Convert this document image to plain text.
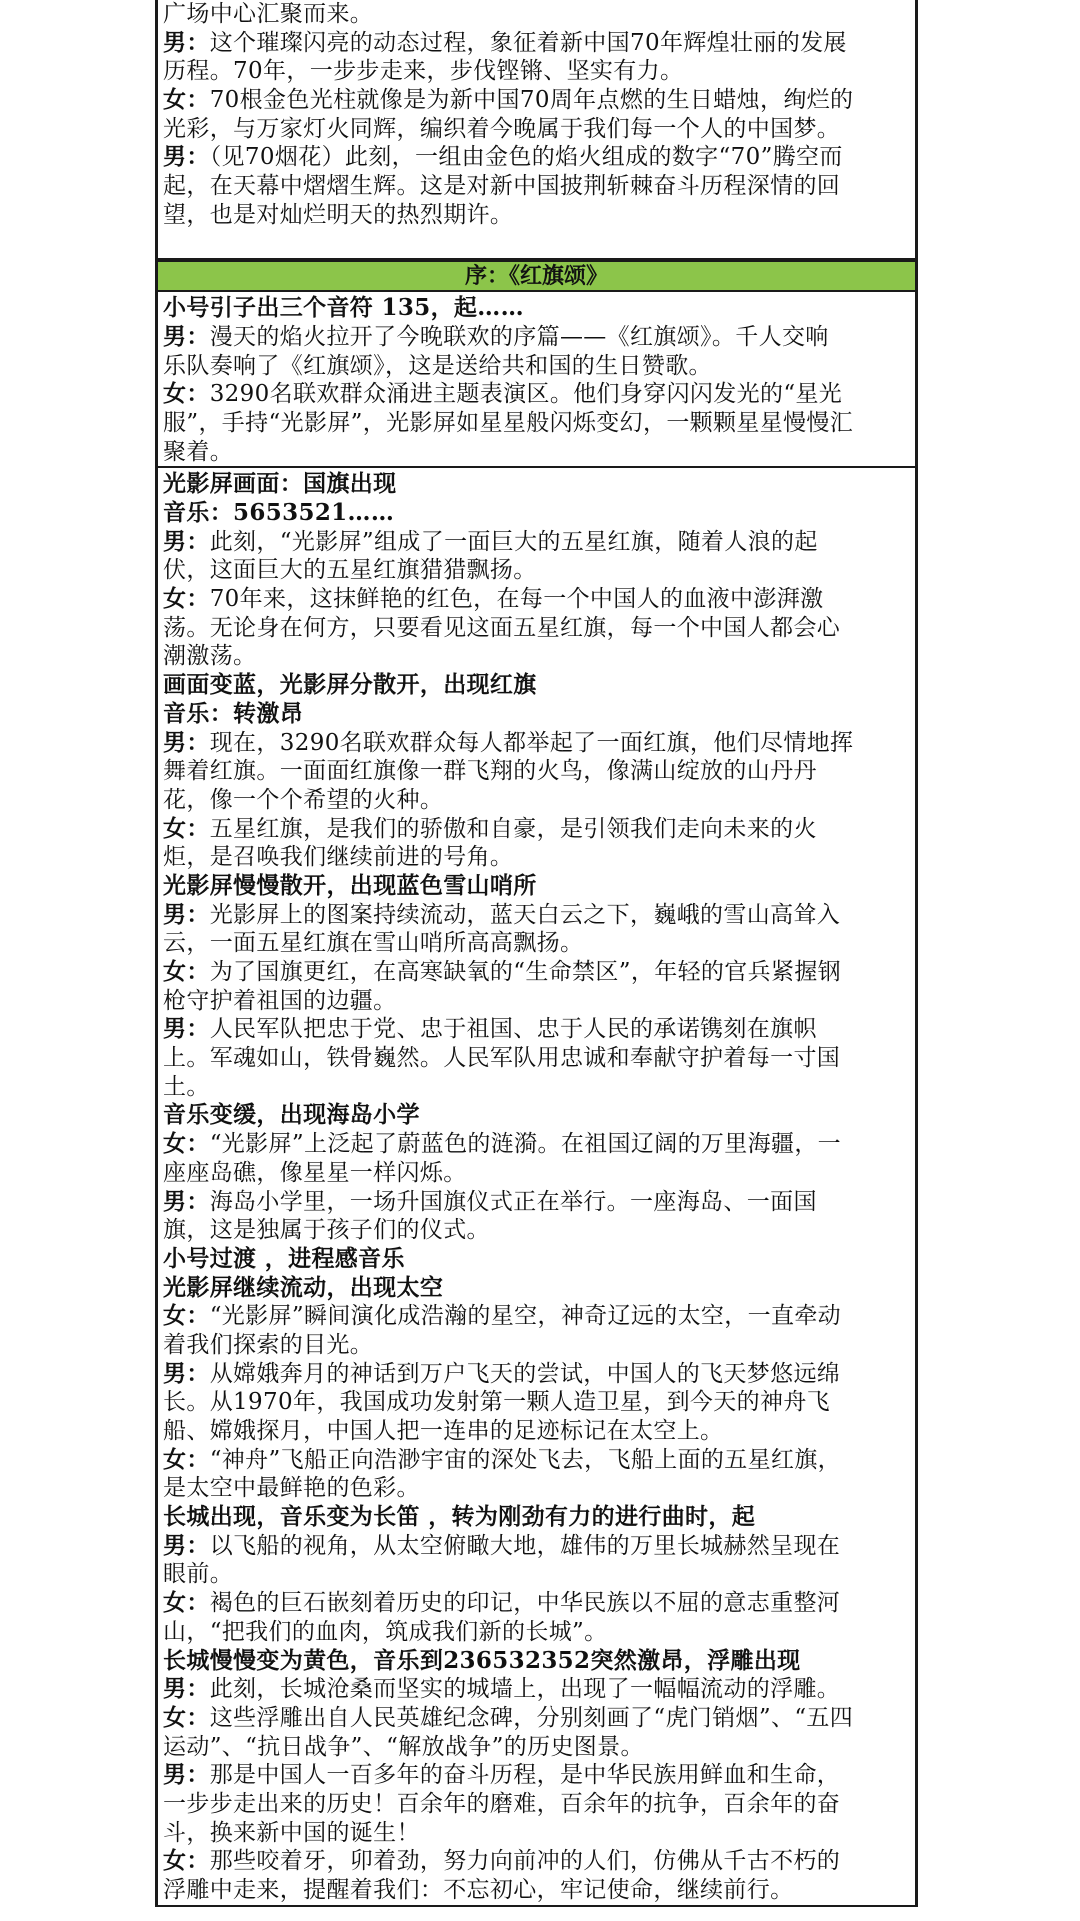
广场中心汇聚而来。
男：这个璀璨闪亮的动态过程，象征着新中国70年辉煌壮丽的发展
历程。70年，一步步走来，步伐铿锵、坚实有力。
女：70根金色光柱就像是为新中国70周年点燃的生日蜡烛，绚烂的
光彩，与万家灯火同辉，编织着今晚属于我们每一个人的中国梦。
男：（见70烟花）此刻，一组由金色的焰火组成的数字“70”腾空而
起，在天幕中熠熠生辉。这是对新中国披荆斩棘奋斗历程深情的回
望，也是对灿烂明天的热烈期许。
序：《红旗颂》
小号引子出三个音符 135，起……
男：漫天的焰火拉开了今晚联欢的序篇——《红旗颂》。千人交响
乐队奏响了《红旗颂》，这是送给共和国的生日赞歌。
女：3290名联欢群众涌进主题表演区。他们身穿闪闪发光的“星光
服”，手持“光影屏”，光影屏如星星般闪烁变幻，一颗颗星星慢慢汇
聚着。
光影屏画面：国旗出现
音乐：5653521……
男：此刻，“光影屏”组成了一面巨大的五星红旗，随着人浪的起
伏，这面巨大的五星红旗猎猎飘扬。
女：70年来，这抹鲜艳的红色，在每一个中国人的血液中澎湃激
荡。无论身在何方，只要看见这面五星红旗，每一个中国人都会心
潮激荡。
画面变蓝，光影屏分散开，出现红旗
音乐：转激昂
男：现在，3290名联欢群众每人都举起了一面红旗，他们尽情地挥
舞着红旗。一面面红旗像一群飞翔的火鸟，像满山绽放的山丹丹
花，像一个个希望的火种。
女：五星红旗，是我们的骄傲和自豪，是引领我们走向未来的火
炬，是召唤我们继续前进的号角。
光影屏慢慢散开，出现蓝色雪山哨所
男：光影屏上的图案持续流动，蓝天白云之下，巍峨的雪山高耸入
云，一面五星红旗在雪山哨所高高飘扬。
女：为了国旗更红，在高寒缺氧的“生命禁区”，年轻的官兵紧握钢
枪守护着祖国的边疆。
男：人民军队把忠于党、忠于祖国、忠于人民的承诺镌刻在旗帜
上。军魂如山，铁骨巍然。人民军队用忠诚和奉献守护着每一寸国
土。
音乐变缓，出现海岛小学
女：“光影屏”上泛起了蔚蓝色的涟漪。在祖国辽阔的万里海疆，一
座座岛礁，像星星一样闪烁。
男：海岛小学里，一场升国旗仪式正在举行。一座海岛、一面国
旗，这是独属于孩子们的仪式。
小号过渡 ，进程感音乐
光影屏继续流动，出现太空
女：“光影屏”瞬间演化成浩瀚的星空，神奇辽远的太空，一直牵动
着我们探索的目光。
男：从嫦娥奔月的神话到万户飞天的尝试，中国人的飞天梦悠远绵
长。从1970年，我国成功发射第一颗人造卫星，到今天的神舟飞
船、嫦娥探月，中国人把一连串的足迹标记在太空上。
女：“神舟”飞船正向浩渺宇宙的深处飞去，飞船上面的五星红旗，
是太空中最鲜艳的色彩。
长城出现，音乐变为长笛 ，转为刚劲有力的进行曲时，起
男：以飞船的视角，从太空俯瞰大地，雄伟的万里长城赫然呈现在
眼前。
女：褐色的巨石嵌刻着历史的印记，中华民族以不屈的意志重整河
山，“把我们的血肉，筑成我们新的长城”。
长城慢慢变为黄色，音乐到236532352突然激昂，浮雕出现
男：此刻，长城沧桑而坚实的城墙上，出现了一幅幅流动的浮雕。
女：这些浮雕出自人民英雄纪念碑，分别刻画了“虎门销烟”、“五四
运动”、“抗日战争”、“解放战争”的历史图景。
男：那是中国人一百多年的奋斗历程，是中华民族用鲜血和生命，
一步步走出来的历史！百余年的磨难，百余年的抗争，百余年的奋
斗，换来新中国的诞生！
女：那些咬着牙，卯着劲，努力向前冲的人们，仿佛从千古不朽的
浮雕中走来，提醒着我们：不忘初心，牢记使命，继续前行。
